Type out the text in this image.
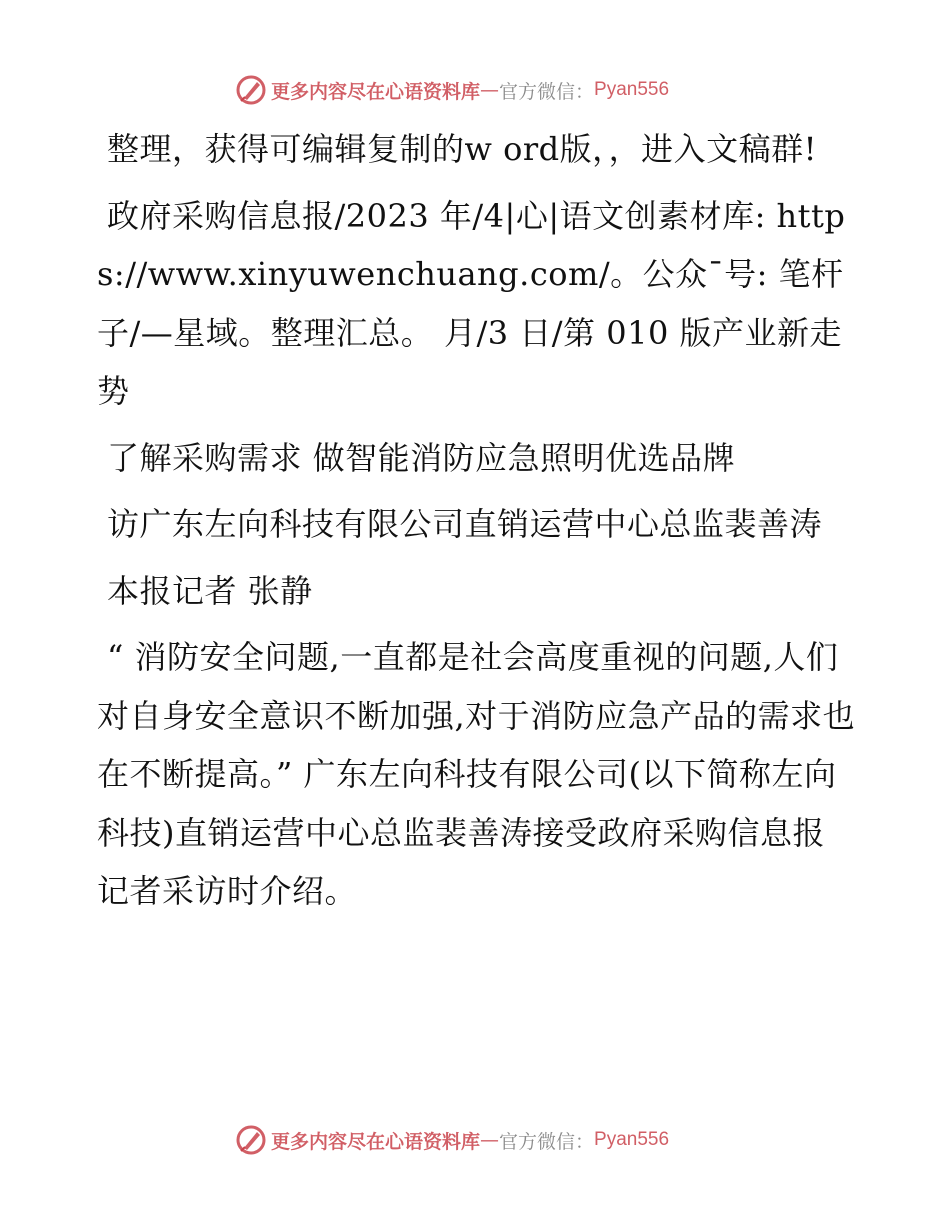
更多内容尽在心语资料库 — 官方微信： Pyan556

整理，获得可编辑复制的w ord版，，进入文稿群!

政府采购信息报/2023 年/4|心|语文创素材库: https://www.xinyuwenchuang.com/。公众¯号: 笔杆子/—星域。整理汇总。 月/3 日/第 010 版产业新走势

了解采购需求 做智能消防应急照明优选品牌

访广东左向科技有限公司直销运营中心总监裴善涛

本报记者 张静

“ 消防安全问题,一直都是社会高度重视的问题,人们对自身安全意识不断加强,对于消防应急产品的需求也在不断提高。” 广东左向科技有限公司(以下简称左向科技)直销运营中心总监裴善涛接受政府采购信息报记者采访时介绍。

更多内容尽在心语资料库 — 官方微信： Pyan556
